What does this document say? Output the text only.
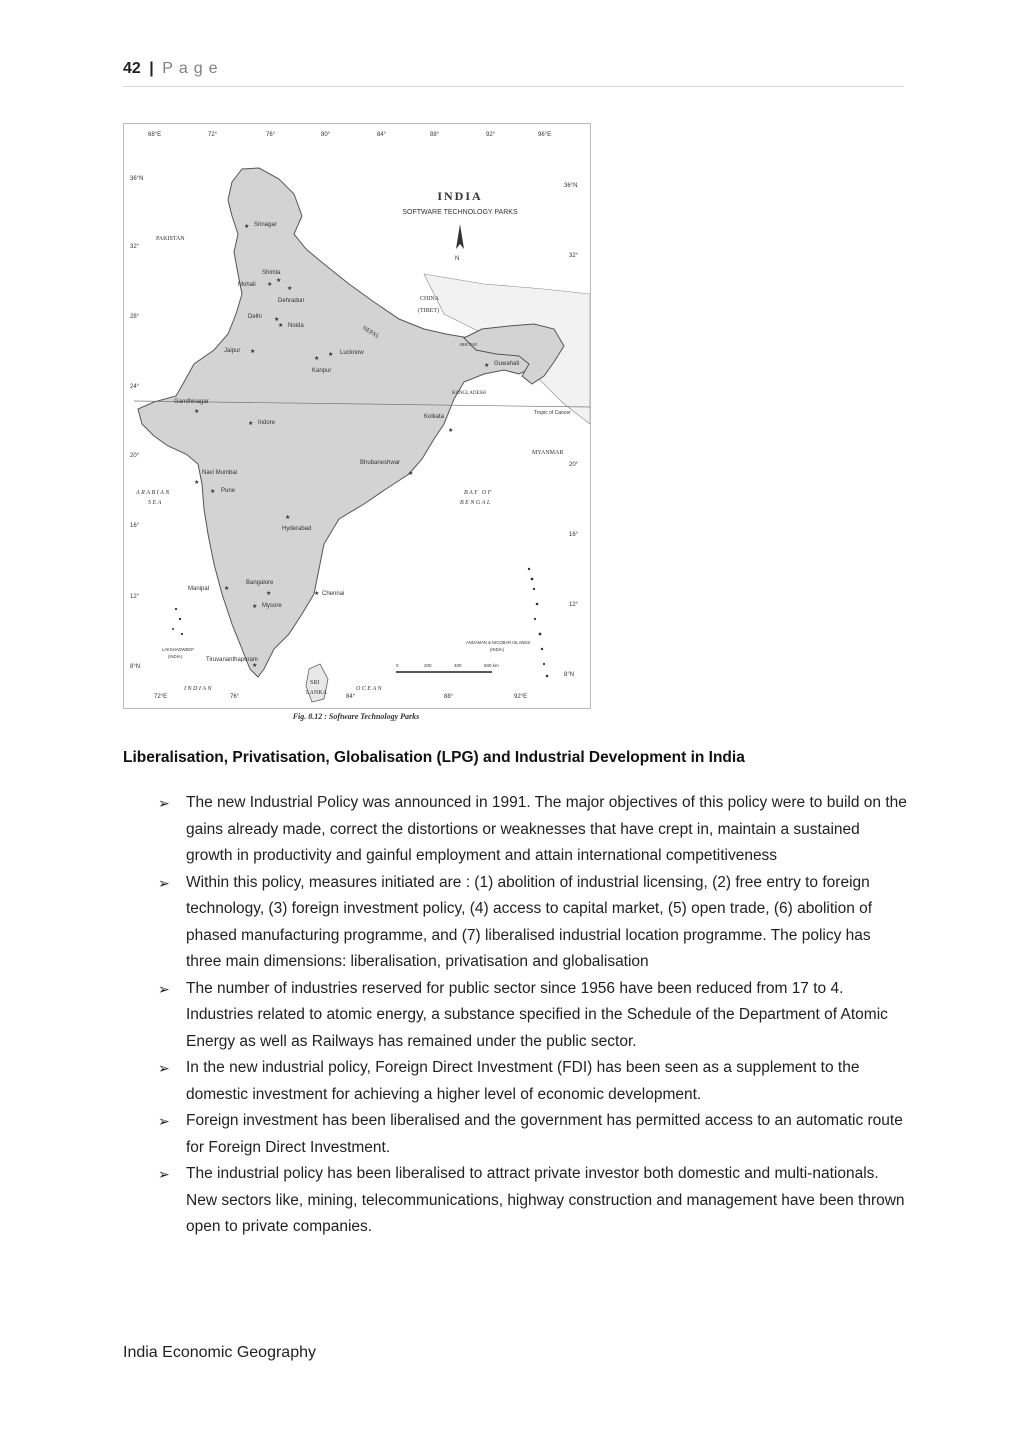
42 | Page
68°E	72°	76°	80°	84°	88°	92°	96°E
36°N
32°
28°
24°
20°
16°
12°
8°N
36°N
32°
20°
16°
12°
8°N
Tropic of Cancer
INDIA
SOFTWARE TECHNOLOGY PARKS
N
PAKISTAN
CHINA
(TIBET)
NEPAL
BHUTAN
BANGLADESH
MYANMAR
SRI
LANKA
ARABIAN
SEA
BAY OF
BENGAL
INDIAN	OCEAN
ANDAMAN & NICOBAR ISLANDS
(INDIA)
LAKSHADWEEP
(INDIA)
0	200	400	600 km
72°E	76°	84°	88°	92°E
★ Srinagar
★
Shimla
★
Mohali
★
Dehradun
★
Delhi
★ Noida
★
Jaipur
★ Lucknow
★
Kanpur
★ Guwahati
★
Gandhinagar
★
Kolkata
★ Indore
★
Bhubaneshwar
★
Navi Mumbai
★ Pune
★
Hyderabad
★
Manipal
★
Bangalore
★ Chennai
★ Mysore
★
Tiruvananthapuram
Fig. 8.12 : Software Technology Parks
Liberalisation, Privatisation, Globalisation (LPG) and Industrial Development in India
➢ The new Industrial Policy was announced in 1991. The major objectives of this policy were to build on the gains already made, correct the distortions or weaknesses that have crept in, maintain a sustained growth in productivity and gainful employment and attain international competitiveness
➢ Within this policy, measures initiated are : (1) abolition of industrial licensing, (2) free entry to foreign technology, (3) foreign investment policy, (4) access to capital market, (5) open trade, (6) abolition of phased manufacturing programme, and (7) liberalised industrial location programme. The policy has three main dimensions: liberalisation, privatisation and globalisation
➢ The number of industries reserved for public sector since 1956 have been reduced from 17 to 4. Industries related to atomic energy, a substance specified in the Schedule of the Department of Atomic Energy as well as Railways has remained under the public sector.
➢ In the new industrial policy, Foreign Direct Investment (FDI) has been seen as a supplement to the domestic investment for achieving a higher level of economic development.
➢ Foreign investment has been liberalised and the government has permitted access to an automatic route for Foreign Direct Investment.
➢ The industrial policy has been liberalised to attract private investor both domestic and multi-nationals. New sectors like, mining, telecommunications, highway construction and management have been thrown open to private companies.
India Economic Geography
